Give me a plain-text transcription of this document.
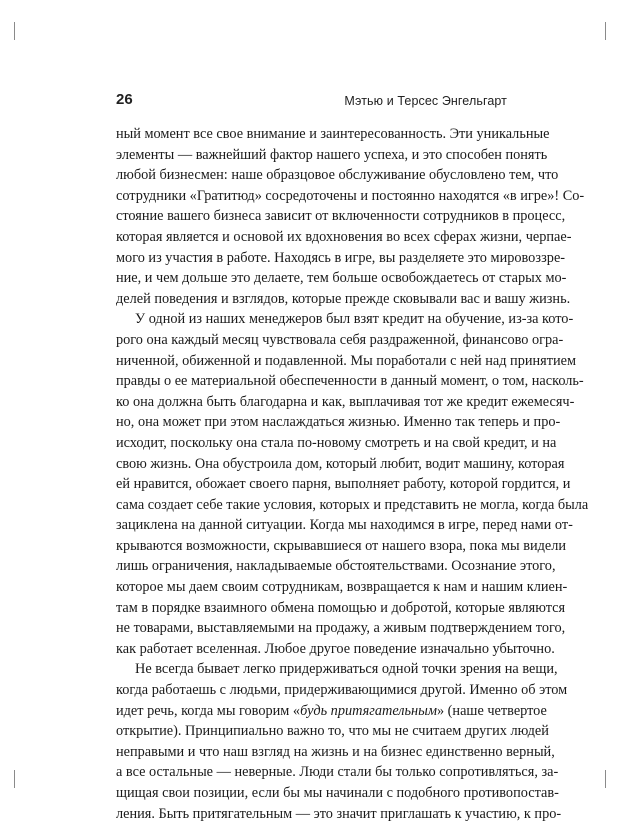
26	Мэтью и Терсес Энгельгарт
ный момент все свое внимание и заинтересованность. Эти уникальные
элементы — важнейший фактор нашего успеха, и это способен понять
любой бизнесмен: наше образцовое обслуживание обусловлено тем, что
сотрудники «Гратитюд» сосредоточены и постоянно находятся «в игре»! Со-
стояние вашего бизнеса зависит от включенности сотрудников в процесс,
которая является и основой их вдохновения во всех сферах жизни, черпае-
мого из участия в работе. Находясь в игре, вы разделяете это мировоззре-
ние, и чем дольше это делаете, тем больше освобождаетесь от старых мо-
делей поведения и взглядов, которые прежде сковывали вас и вашу жизнь.
У одной из наших менеджеров был взят кредит на обучение, из-за кото-
рого она каждый месяц чувствовала себя раздраженной, финансово огра-
ниченной, обиженной и подавленной. Мы поработали с ней над принятием
правды о ее материальной обеспеченности в данный момент, о том, насколь-
ко она должна быть благодарна и как, выплачивая тот же кредит ежемесяч-
но, она может при этом наслаждаться жизнью. Именно так теперь и про-
исходит, поскольку она стала по-новому смотреть и на свой кредит, и на
свою жизнь. Она обустроила дом, который любит, водит машину, которая
ей нравится, обожает своего парня, выполняет работу, которой гордится, и
сама создает себе такие условия, которых и представить не могла, когда была
зациклена на данной ситуации. Когда мы находимся в игре, перед нами от-
крываются возможности, скрывавшиеся от нашего взора, пока мы видели
лишь ограничения, накладываемые обстоятельствами. Осознание этого,
которое мы даем своим сотрудникам, возвращается к нам и нашим клиен-
там в порядке взаимного обмена помощью и добротой, которые являются
не товарами, выставляемыми на продажу, а живым подтверждением того,
как работает вселенная. Любое другое поведение изначально убыточно.
Не всегда бывает легко придерживаться одной точки зрения на вещи,
когда работаешь с людьми, придерживающимися другой. Именно об этом
идет речь, когда мы говорим «будь притягательным» (наше четвертое
открытие). Принципиально важно то, что мы не считаем других людей
неправыми и что наш взгляд на жизнь и на бизнес единственно верный,
а все остальные — неверные. Люди стали бы только сопротивляться, за-
щищая свои позиции, если бы мы начинали с подобного противопостав-
ления. Быть притягательным — это значит приглашать к участию, к про-
